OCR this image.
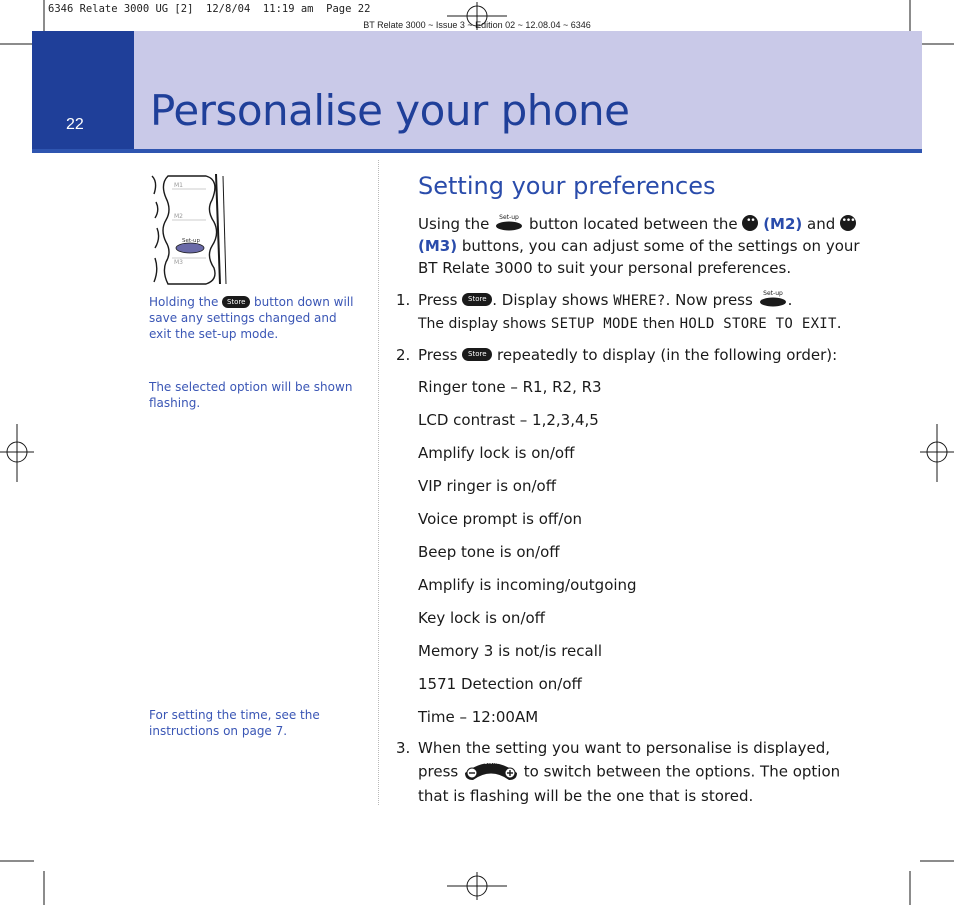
6346 Relate 3000 UG [2]  12/8/04  11:19 am  Page 22
BT Relate 3000 ~ Issue 3 ~ Edition 02 ~ 12.08.04 ~ 6346
22 Personalise your phone
M1
M2
Set-up
M3
Holding the Store button down will save any settings changed and exit the set-up mode.
The selected option will be shown flashing.
For setting the time, see the instructions on page 7.
Setting your preferences
Using the Set-up button located between the •• (M2) and ••• (M3) buttons, you can adjust some of the settings on your BT Relate 3000 to suit your personal preferences.
1. Press Store . Display shows WHERE?. Now press Set-up .
The display shows SETUP MODE then HOLD STORE TO EXIT.
2. Press Store repeatedly to display (in the following order):
Ringer tone – R1, R2, R3
LCD contrast – 1,2,3,4,5
Amplify lock is on/off
VIP ringer is on/off
Voice prompt is off/on
Beep tone is on/off
Amplify is incoming/outgoing
Key lock is on/off
Memory 3 is not/is recall
1571 Detection on/off
Time – 12:00AM
3. When the setting you want to personalise is displayed,
press	Volume to switch between the options. The option that is flashing will be the one that is stored.
